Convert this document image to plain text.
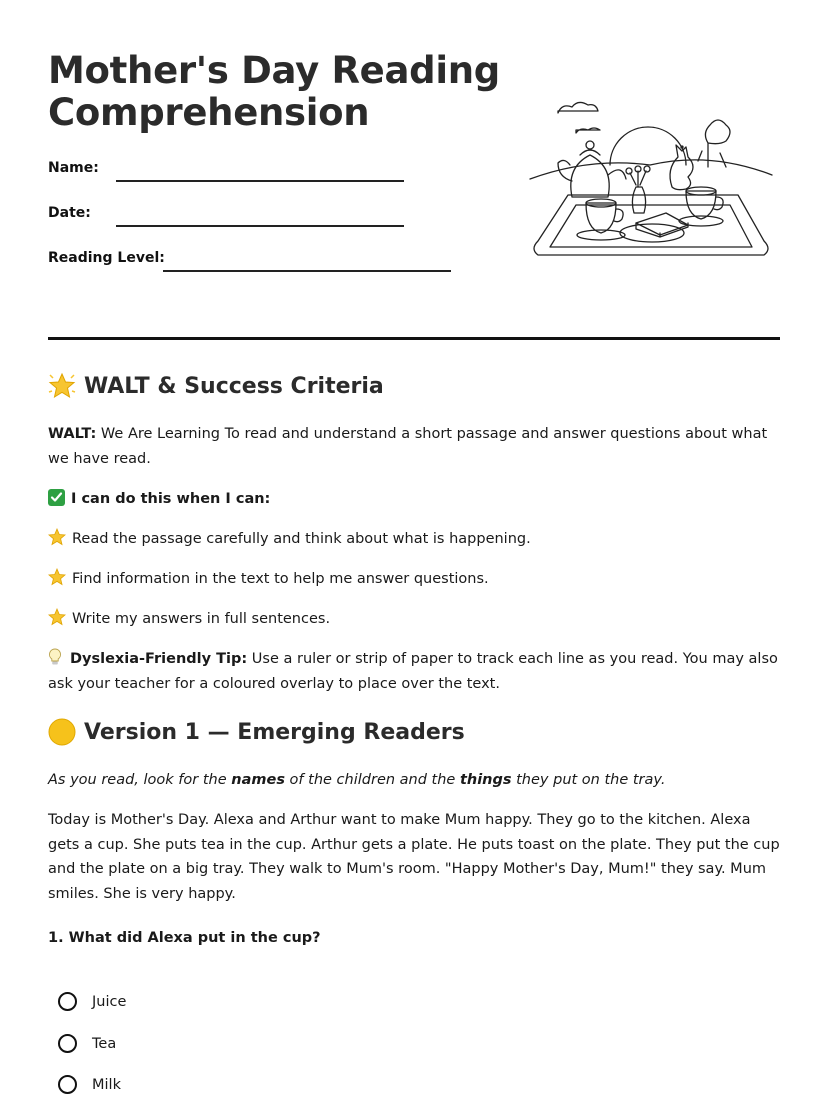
Mother's Day Reading Comprehension
Name:
Date:
Reading Level:
WALT & Success Criteria
WALT: We Are Learning To read and understand a short passage and answer questions about what we have read.
I can do this when I can:
Read the passage carefully and think about what is happening.
Find information in the text to help me answer questions.
Write my answers in full sentences.
Dyslexia-Friendly Tip: Use a ruler or strip of paper to track each line as you read. You may also ask your teacher for a coloured overlay to place over the text.
Version 1 — Emerging Readers
As you read, look for the names of the children and the things they put on the tray.
Today is Mother's Day. Alexa and Arthur want to make Mum happy. They go to the kitchen. Alexa gets a cup. She puts tea in the cup. Arthur gets a plate. He puts toast on the plate. They put the cup and the plate on a big tray. They walk to Mum's room. "Happy Mother's Day, Mum!" they say. Mum smiles. She is very happy.
1. What did Alexa put in the cup?
Juice
Tea
Milk
